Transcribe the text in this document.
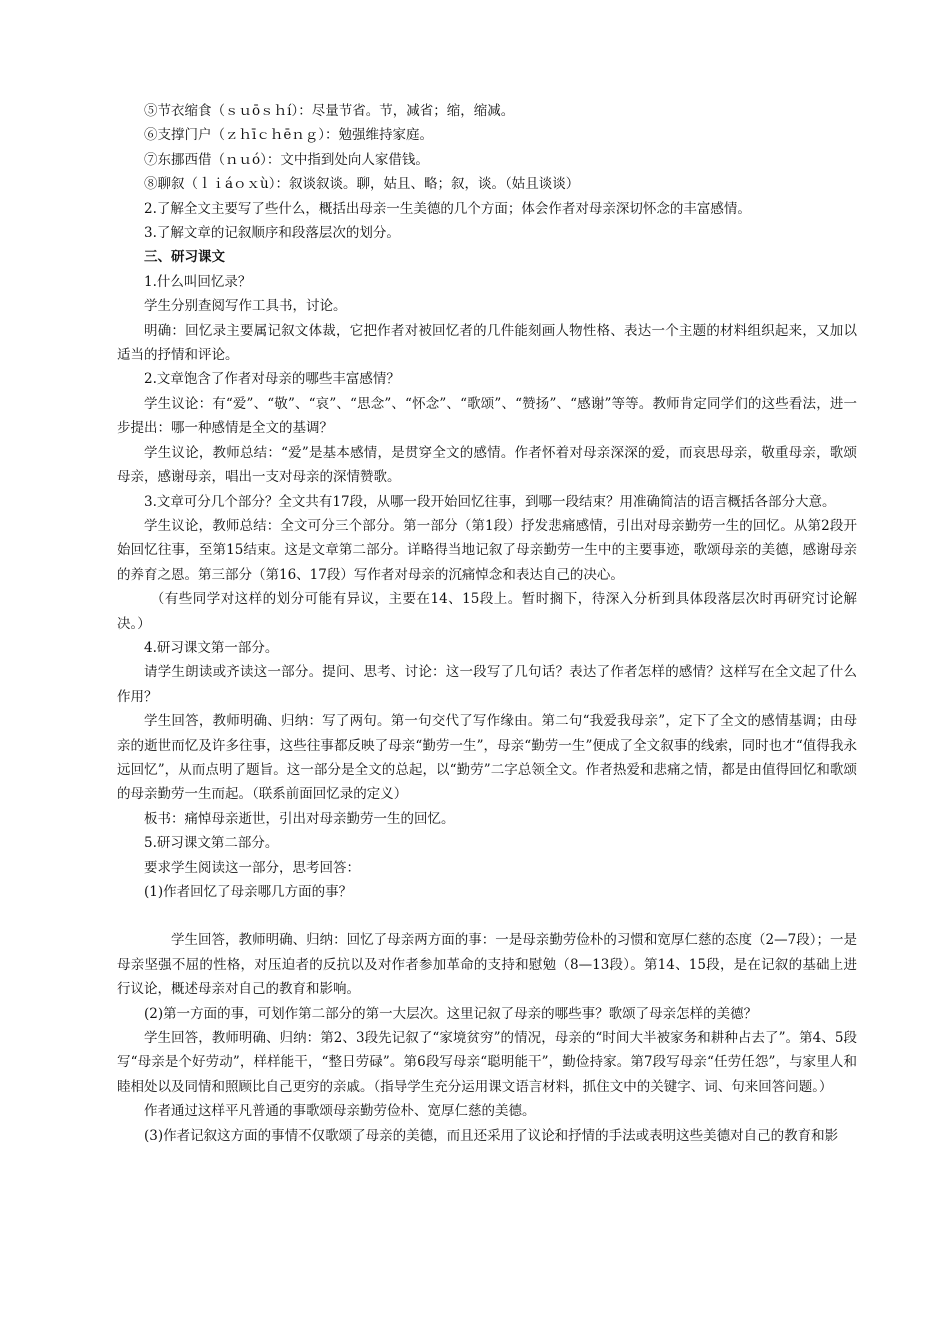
⑤节衣缩食（ｓｕōｓｈí）：尽量节省。节，减省；缩，缩减。

⑥支撑门户（ｚｈīｃｈēｎｇ）：勉强维持家庭。

⑦东挪西借（ｎｕó）：文中指到处向人家借钱。

⑧聊叙（ｌｉáｏｘù）：叙谈叙谈。聊，姑且、略；叙，谈。（姑且谈谈）

2.了解全文主要写了些什么，概括出母亲一生美德的几个方面；体会作者对母亲深切怀念的丰富感情。

3.了解文章的记叙顺序和段落层次的划分。

三、研习课文

1.什么叫回忆录？

学生分别查阅写作工具书，讨论。

明确：回忆录主要属记叙文体裁，它把作者对被回忆者的几件能刻画人物性格、表达一个主题的材料组织起来，又加以适当的抒情和评论。

2.文章饱含了作者对母亲的哪些丰富感情？

学生议论：有“爱”、“敬”、“哀”、“思念”、“怀念”、“歌颂”、“赞扬”、“感谢”等等。教师肯定同学们的这些看法，进一步提出：哪一种感情是全文的基调？

学生议论，教师总结：“爱”是基本感情，是贯穿全文的感情。作者怀着对母亲深深的爱，而哀思母亲，敬重母亲，歌颂母亲，感谢母亲，唱出一支对母亲的深情赞歌。

3.文章可分几个部分？全文共有17段，从哪一段开始回忆往事，到哪一段结束？用准确简洁的语言概括各部分大意。

学生议论，教师总结：全文可分三个部分。第一部分（第1段）抒发悲痛感情，引出对母亲勤劳一生的回忆。从第2段开始回忆往事，至第15结束。这是文章第二部分。详略得当地记叙了母亲勤劳一生中的主要事迹，歌颂母亲的美德，感谢母亲的养育之恩。第三部分（第16、17段）写作者对母亲的沉痛悼念和表达自己的决心。

（有些同学对这样的划分可能有异议，主要在14、15段上。暂时搁下，待深入分析到具体段落层次时再研究讨论解决。）

4.研习课文第一部分。

请学生朗读或齐读这一部分。提问、思考、讨论：这一段写了几句话？表达了作者怎样的感情？这样写在全文起了什么作用？

学生回答，教师明确、归纳：写了两句。第一句交代了写作缘由。第二句“我爱我母亲”，定下了全文的感情基调；由母亲的逝世而忆及许多往事，这些往事都反映了母亲“勤劳一生”，母亲“勤劳一生”便成了全文叙事的线索，同时也才“值得我永远回忆”，从而点明了题旨。这一部分是全文的总起，以“勤劳”二字总领全文。作者热爱和悲痛之情，都是由值得回忆和歌颂的母亲勤劳一生而起。（联系前面回忆录的定义）

板书：痛悼母亲逝世，引出对母亲勤劳一生的回忆。

5.研习课文第二部分。

要求学生阅读这一部分，思考回答：

(1)作者回忆了母亲哪几方面的事？

学生回答，教师明确、归纳：回忆了母亲两方面的事：一是母亲勤劳俭朴的习惯和宽厚仁慈的态度（2—7段）；一是母亲坚强不屈的性格，对压迫者的反抗以及对作者参加革命的支持和慰勉（8—13段）。第14、15段，是在记叙的基础上进行议论，概述母亲对自己的教育和影响。

(2)第一方面的事，可划作第二部分的第一大层次。这里记叙了母亲的哪些事？歌颂了母亲怎样的美德？

学生回答，教师明确、归纳：第2、3段先记叙了“家境贫穷”的情况，母亲的“时间大半被家务和耕种占去了”。第4、5段写“母亲是个好劳动”，样样能干，“整日劳碌”。第6段写母亲“聪明能干”，勤俭持家。第7段写母亲“任劳任怨”，与家里人和睦相处以及同情和照顾比自己更穷的亲戚。（指导学生充分运用课文语言材料，抓住文中的关键字、词、句来回答问题。）

作者通过这样平凡普通的事歌颂母亲勤劳俭朴、宽厚仁慈的美德。

(3)作者记叙这方面的事情不仅歌颂了母亲的美德，而且还采用了议论和抒情的手法或表明这些美德对自己的教育和影
